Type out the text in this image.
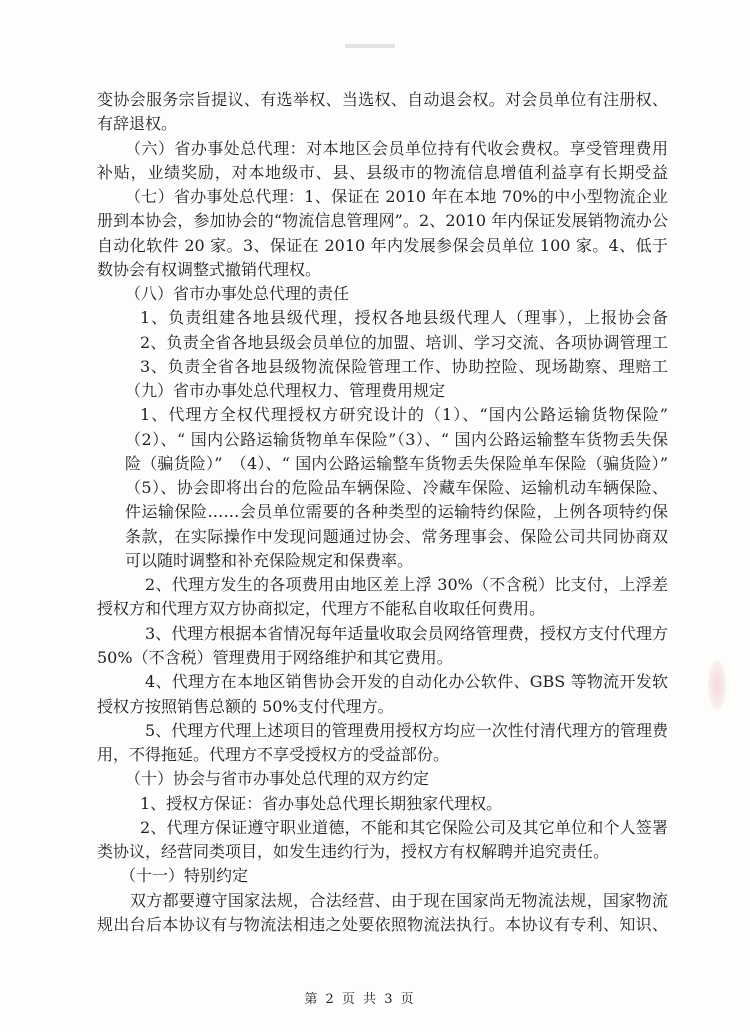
变协会服务宗旨提议、有选举权、当选权、自动退会权。对会员单位有注册权、
有辞退权。
（六）省办事处总代理：对本地区会员单位持有代收会费权。享受管理费用
补贴，业绩奖励，对本地级市、县、县级市的物流信息增值利益享有长期受益
（七）省办事处总代理：1、保证在 2010 年在本地 70%的中小型物流企业
册到本协会，参加协会的“物流信息管理网”。2、2010 年内保证发展销物流办公
自动化软件 20 家。3、保证在 2010 年内发展参保会员单位 100 家。4、低于
数协会有权调整式撤销代理权。
（八）省市办事处总代理的责任
1、负责组建各地县级代理，授权各地县级代理人（理事），上报协会备
2、负责全省各地县级会员单位的加盟、培训、学习交流、各项协调管理工
3、负责全省各地县级物流保险管理工作、协助控险、现场勘察、理赔工
（九）省市办事处总代理权力、管理费用规定
1、代理方全权代理授权方研究设计的（1）、“国内公路运输货物保险”
（2）、“ 国内公路运输货物单车保险”（3）、“ 国内公路运输整车货物丢失保
险（骗货险）”　（4）、“ 国内公路运输整车货物丢失保险单车保险（骗货险）”
（5）、协会即将出台的危险品车辆保险、冷藏车保险、运输机动车辆保险、
件运输保险……会员单位需要的各种类型的运输特约保险，上例各项特约保
条款，在实际操作中发现问题通过协会、常务理事会、保险公司共同协商双
可以随时调整和补充保险规定和保费率。
2、代理方发生的各项费用由地区差上浮 30%（不含税）比支付，上浮差
授权方和代理方双方协商拟定，代理方不能私自收取任何费用。
3、代理方根据本省情况每年适量收取会员网络管理费，授权方支付代理方
50%（不含税）管理费用于网络维护和其它费用。
4、代理方在本地区销售协会开发的自动化办公软件、GBS 等物流开发软
授权方按照销售总额的 50%支付代理方。
5、代理方代理上述项目的管理费用授权方均应一次性付清代理方的管理费
用，不得拖延。代理方不享受授权方的受益部份。
（十）协会与省市办事处总代理的双方约定
1、授权方保证：省办事处总代理长期独家代理权。
2、代理方保证遵守职业道德，不能和其它保险公司及其它单位和个人签署
类协议，经营同类项目，如发生违约行为，授权方有权解聘并追究责任。
（十一）特别约定
双方都要遵守国家法规，合法经营、由于现在国家尚无物流法规，国家物流
规出台后本协议有与物流法相违之处要依照物流法执行。本协议有专利、知识、
第 2 页 共 3 页
